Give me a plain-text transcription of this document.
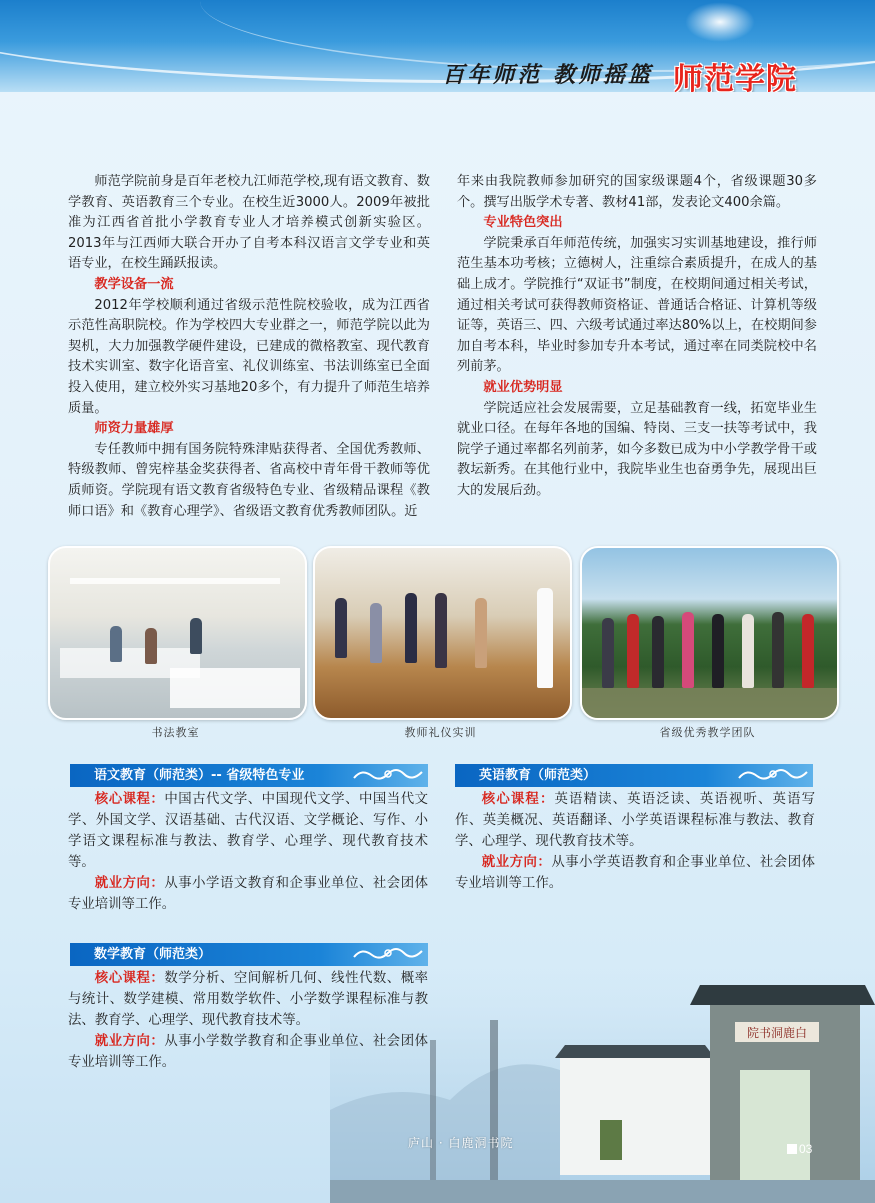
百年师范 教师摇篮 师范学院

师范学院前身是百年老校九江师范学校,现有语文教育、数学教育、英语教育三个专业。在校生近3000人。2009年被批准为江西省首批小学教育专业人才培养模式创新实验区。2013年与江西师大联合开办了自考本科汉语言文学专业和英语专业，在校生踊跃报读。

教学设备一流

2012年学校顺利通过省级示范性院校验收，成为江西省示范性高职院校。作为学校四大专业群之一，师范学院以此为契机，大力加强教学硬件建设，已建成的微格教室、现代教育技术实训室、数字化语音室、礼仪训练室、书法训练室已全面投入使用，建立校外实习基地20多个，有力提升了师范生培养质量。

师资力量雄厚

专任教师中拥有国务院特殊津贴获得者、全国优秀教师、特级教师、曾宪梓基金奖获得者、省高校中青年骨干教师等优质师资。学院现有语文教育省级特色专业、省级精品课程《教师口语》和《教育心理学》、省级语文教育优秀教师团队。近

年来由我院教师参加研究的国家级课题4个，省级课题30多个。撰写出版学术专著、教材41部，发表论文400余篇。

专业特色突出

学院秉承百年师范传统，加强实习实训基地建设，推行师范生基本功考核；立德树人，注重综合素质提升，在成人的基础上成才。学院推行“双证书”制度，在校期间通过相关考试，通过相关考试可获得教师资格证、普通话合格证、计算机等级证等，英语三、四、六级考试通过率达80%以上，在校期间参加自考本科，毕业时参加专升本考试，通过率在同类院校中名列前茅。

就业优势明显

学院适应社会发展需要，立足基础教育一线，拓宽毕业生就业口径。在每年各地的国编、特岗、三支一扶等考试中，我院学子通过率都名列前茅，如今多数已成为中小学教学骨干或教坛新秀。在其他行业中，我院毕业生也奋勇争先，展现出巨大的发展后劲。

书法教室	教师礼仪实训	省级优秀教学团队
院书洞鹿白
语文教育（师范类）-- 省级特色专业

核心课程：中国古代文学、中国现代文学、中国当代文学、外国文学、汉语基础、古代汉语、文学概论、写作、小学语文课程标准与教法、教育学、心理学、现代教育技术等。

就业方向：从事小学语文教育和企事业单位、社会团体专业培训等工作。

英语教育（师范类）

核心课程：英语精读、英语泛读、英语视听、英语写作、英美概况、英语翻译、小学英语课程标准与教法、教育学、心理学、现代教育技术等。

就业方向：从事小学英语教育和企事业单位、社会团体专业培训等工作。

数学教育（师范类）

核心课程：数学分析、空间解析几何、线性代数、概率与统计、数学建模、常用数学软件、小学数学课程标准与教法、教育学、心理学、现代教育技术等。

就业方向：从事小学数学教育和企事业单位、社会团体专业培训等工作。

庐山 · 白鹿洞书院	03
